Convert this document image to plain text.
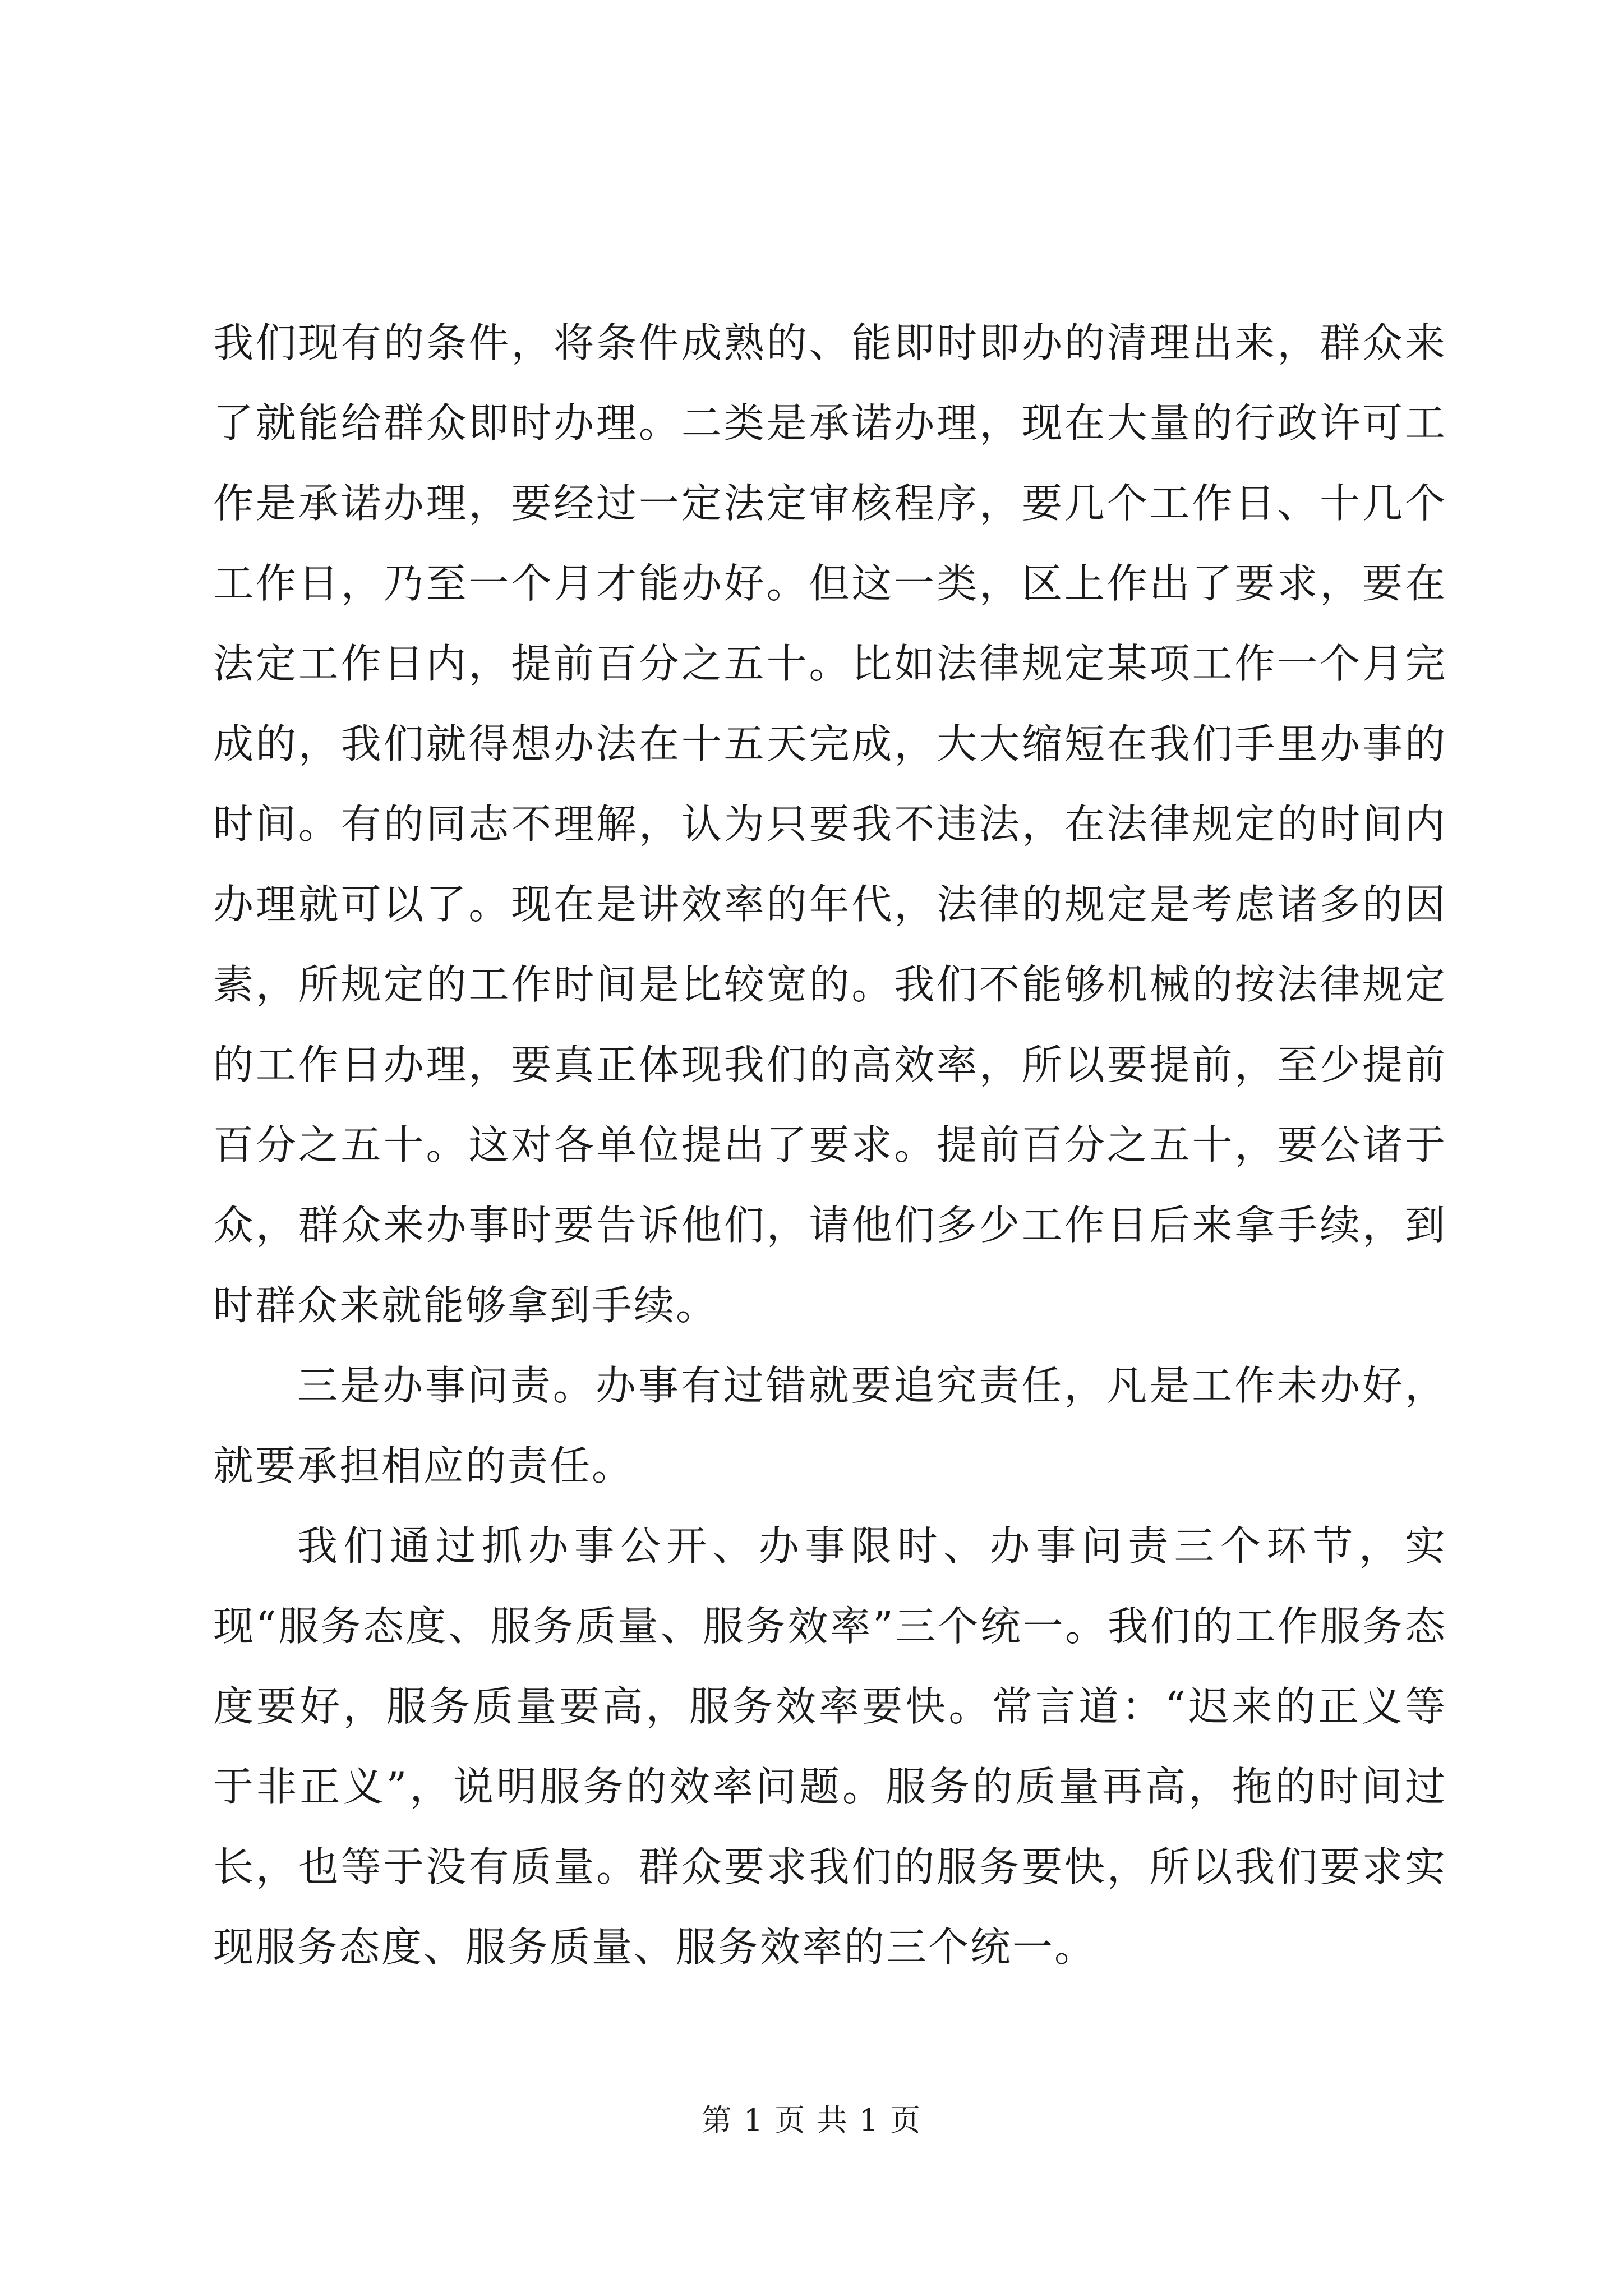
我们现有的条件，将条件成熟的、能即时即办的清理出来，群众来了就能给群众即时办理。二类是承诺办理，现在大量的行政许可工作是承诺办理，要经过一定法定审核程序，要几个工作日、十几个工作日，乃至一个月才能办好。但这一类，区上作出了要求，要在法定工作日内，提前百分之五十。比如法律规定某项工作一个月完成的，我们就得想办法在十五天完成，大大缩短在我们手里办事的时间。有的同志不理解，认为只要我不违法，在法律规定的时间内办理就可以了。现在是讲效率的年代，法律的规定是考虑诸多的因素，所规定的工作时间是比较宽的。我们不能够机械的按法律规定的工作日办理，要真正体现我们的高效率，所以要提前，至少提前百分之五十。这对各单位提出了要求。提前百分之五十，要公诸于众，群众来办事时要告诉他们，请他们多少工作日后来拿手续，到时群众来就能够拿到手续。

三是办事问责。办事有过错就要追究责任，凡是工作未办好，就要承担相应的责任。

我们通过抓办事公开、办事限时、办事问责三个环节，实现“服务态度、服务质量、服务效率”三个统一。我们的工作服务态度要好，服务质量要高，服务效率要快。常言道：“迟来的正义等于非正义”，说明服务的效率问题。服务的质量再高，拖的时间过长，也等于没有质量。群众要求我们的服务要快，所以我们要求实现服务态度、服务质量、服务效率的三个统一。

第 1 页 共 1 页
